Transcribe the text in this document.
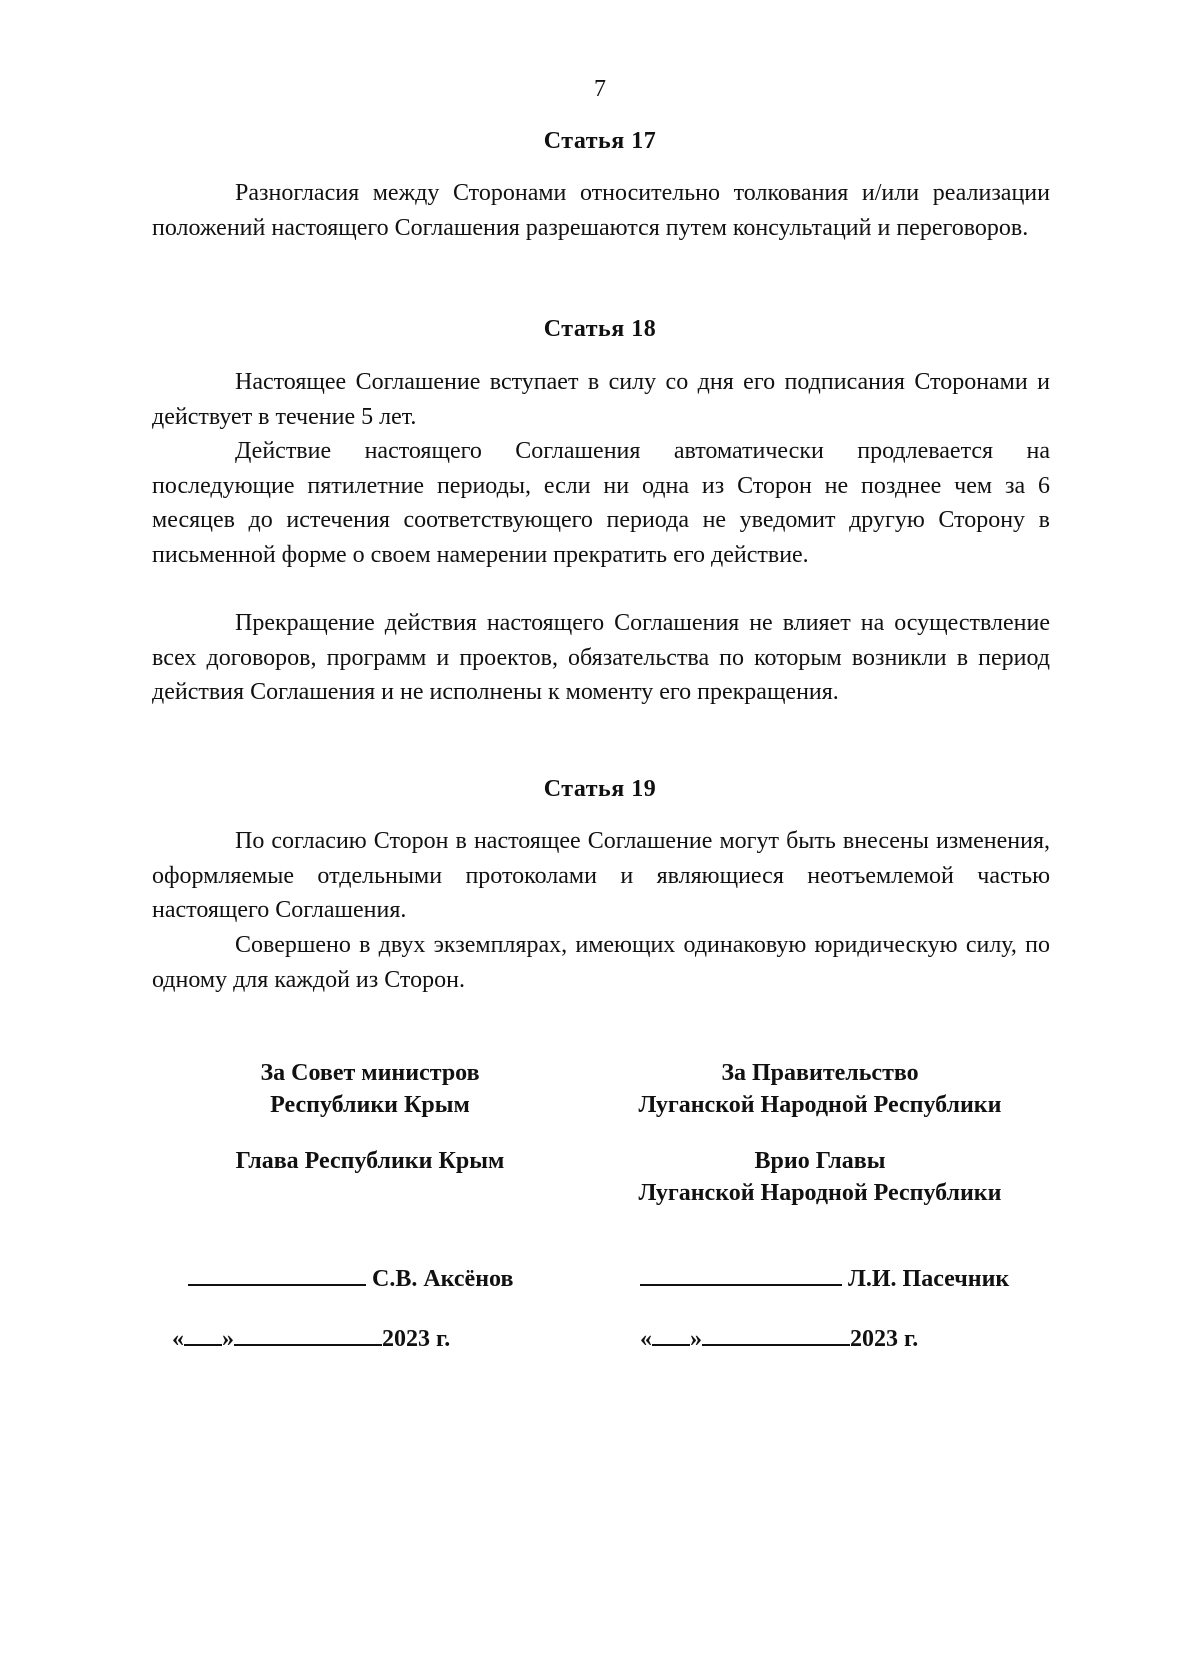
7
Статья 17

Разногласия между Сторонами относительно толкования и/или реализации положений настоящего Соглашения разрешаются путем консультаций и переговоров.

Статья 18

Настоящее Соглашение вступает в силу со дня его подписания Сторонами и действует в течение 5 лет.

Действие настоящего Соглашения автоматически продлевается на последующие пятилетние периоды, если ни одна из Сторон не позднее чем за 6 месяцев до истечения соответствующего периода не уведомит другую Сторону в письменной форме о своем намерении прекратить его действие.

Прекращение действия настоящего Соглашения не влияет на осуществление всех договоров, программ и проектов, обязательства по которым возникли в период действия Соглашения и не исполнены к моменту его прекращения.

Статья 19

По согласию Сторон в настоящее Соглашение могут быть внесены изменения, оформляемые отдельными протоколами и являющиеся неотъемлемой частью настоящего Соглашения.

Совершено в двух экземплярах, имеющих одинаковую юридическую силу, по одному для каждой из Сторон.

За Совет министров
Республики Крым
Глава Республики Крым
С.В. Аксёнов
« »	2023 г.
За Правительство
Луганской Народной Республики
Врио Главы
Луганской Народной Республики
Л.И. Пасечник
« »	2023 г.
